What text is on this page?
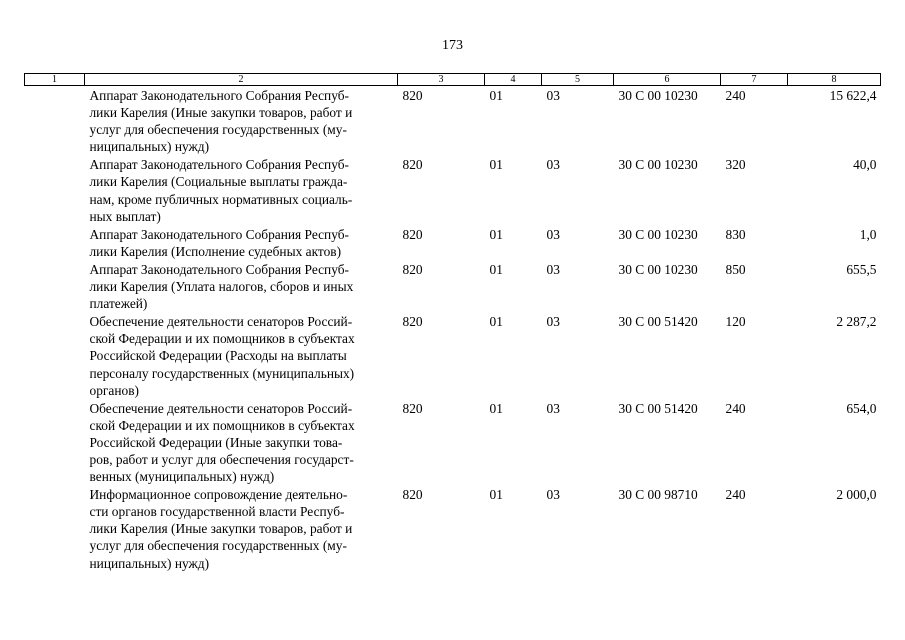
173
1	2	3	4	5	6	7	8

	Аппарат Законодательного Собрания Респуб-
лики Карелия (Иные закупки товаров, работ и
услуг для обеспечения государственных (му-
ниципальных) нужд)	820	01	03	30 С 00 10230	240	15 622,4

	Аппарат Законодательного Собрания Респуб-
лики Карелия (Социальные выплаты гражда-
нам, кроме публичных нормативных социаль-
ных выплат)	820	01	03	30 С 00 10230	320	40,0

	Аппарат Законодательного Собрания Респуб-
лики Карелия (Исполнение судебных актов)	820	01	03	30 С 00 10230	830	1,0

	Аппарат Законодательного Собрания Респуб-
лики Карелия (Уплата налогов, сборов и иных
платежей)	820	01	03	30 С 00 10230	850	655,5

	Обеспечение деятельности сенаторов Россий-
ской Федерации и их помощников в субъектах
Российской Федерации (Расходы на выплаты
персоналу государственных (муниципальных)
органов)	820	01	03	30 С 00 51420	120	2 287,2

	Обеспечение деятельности сенаторов Россий-
ской Федерации и их помощников в субъектах
Российской Федерации (Иные закупки това-
ров, работ и услуг для обеспечения государст-
венных (муниципальных) нужд)	820	01	03	30 С 00 51420	240	654,0

	Информационное сопровождение деятельно-
сти органов государственной власти Респуб-
лики Карелия (Иные закупки товаров, работ и
услуг для обеспечения государственных (му-
ниципальных) нужд)	820	01	03	30 С 00 98710	240	2 000,0
